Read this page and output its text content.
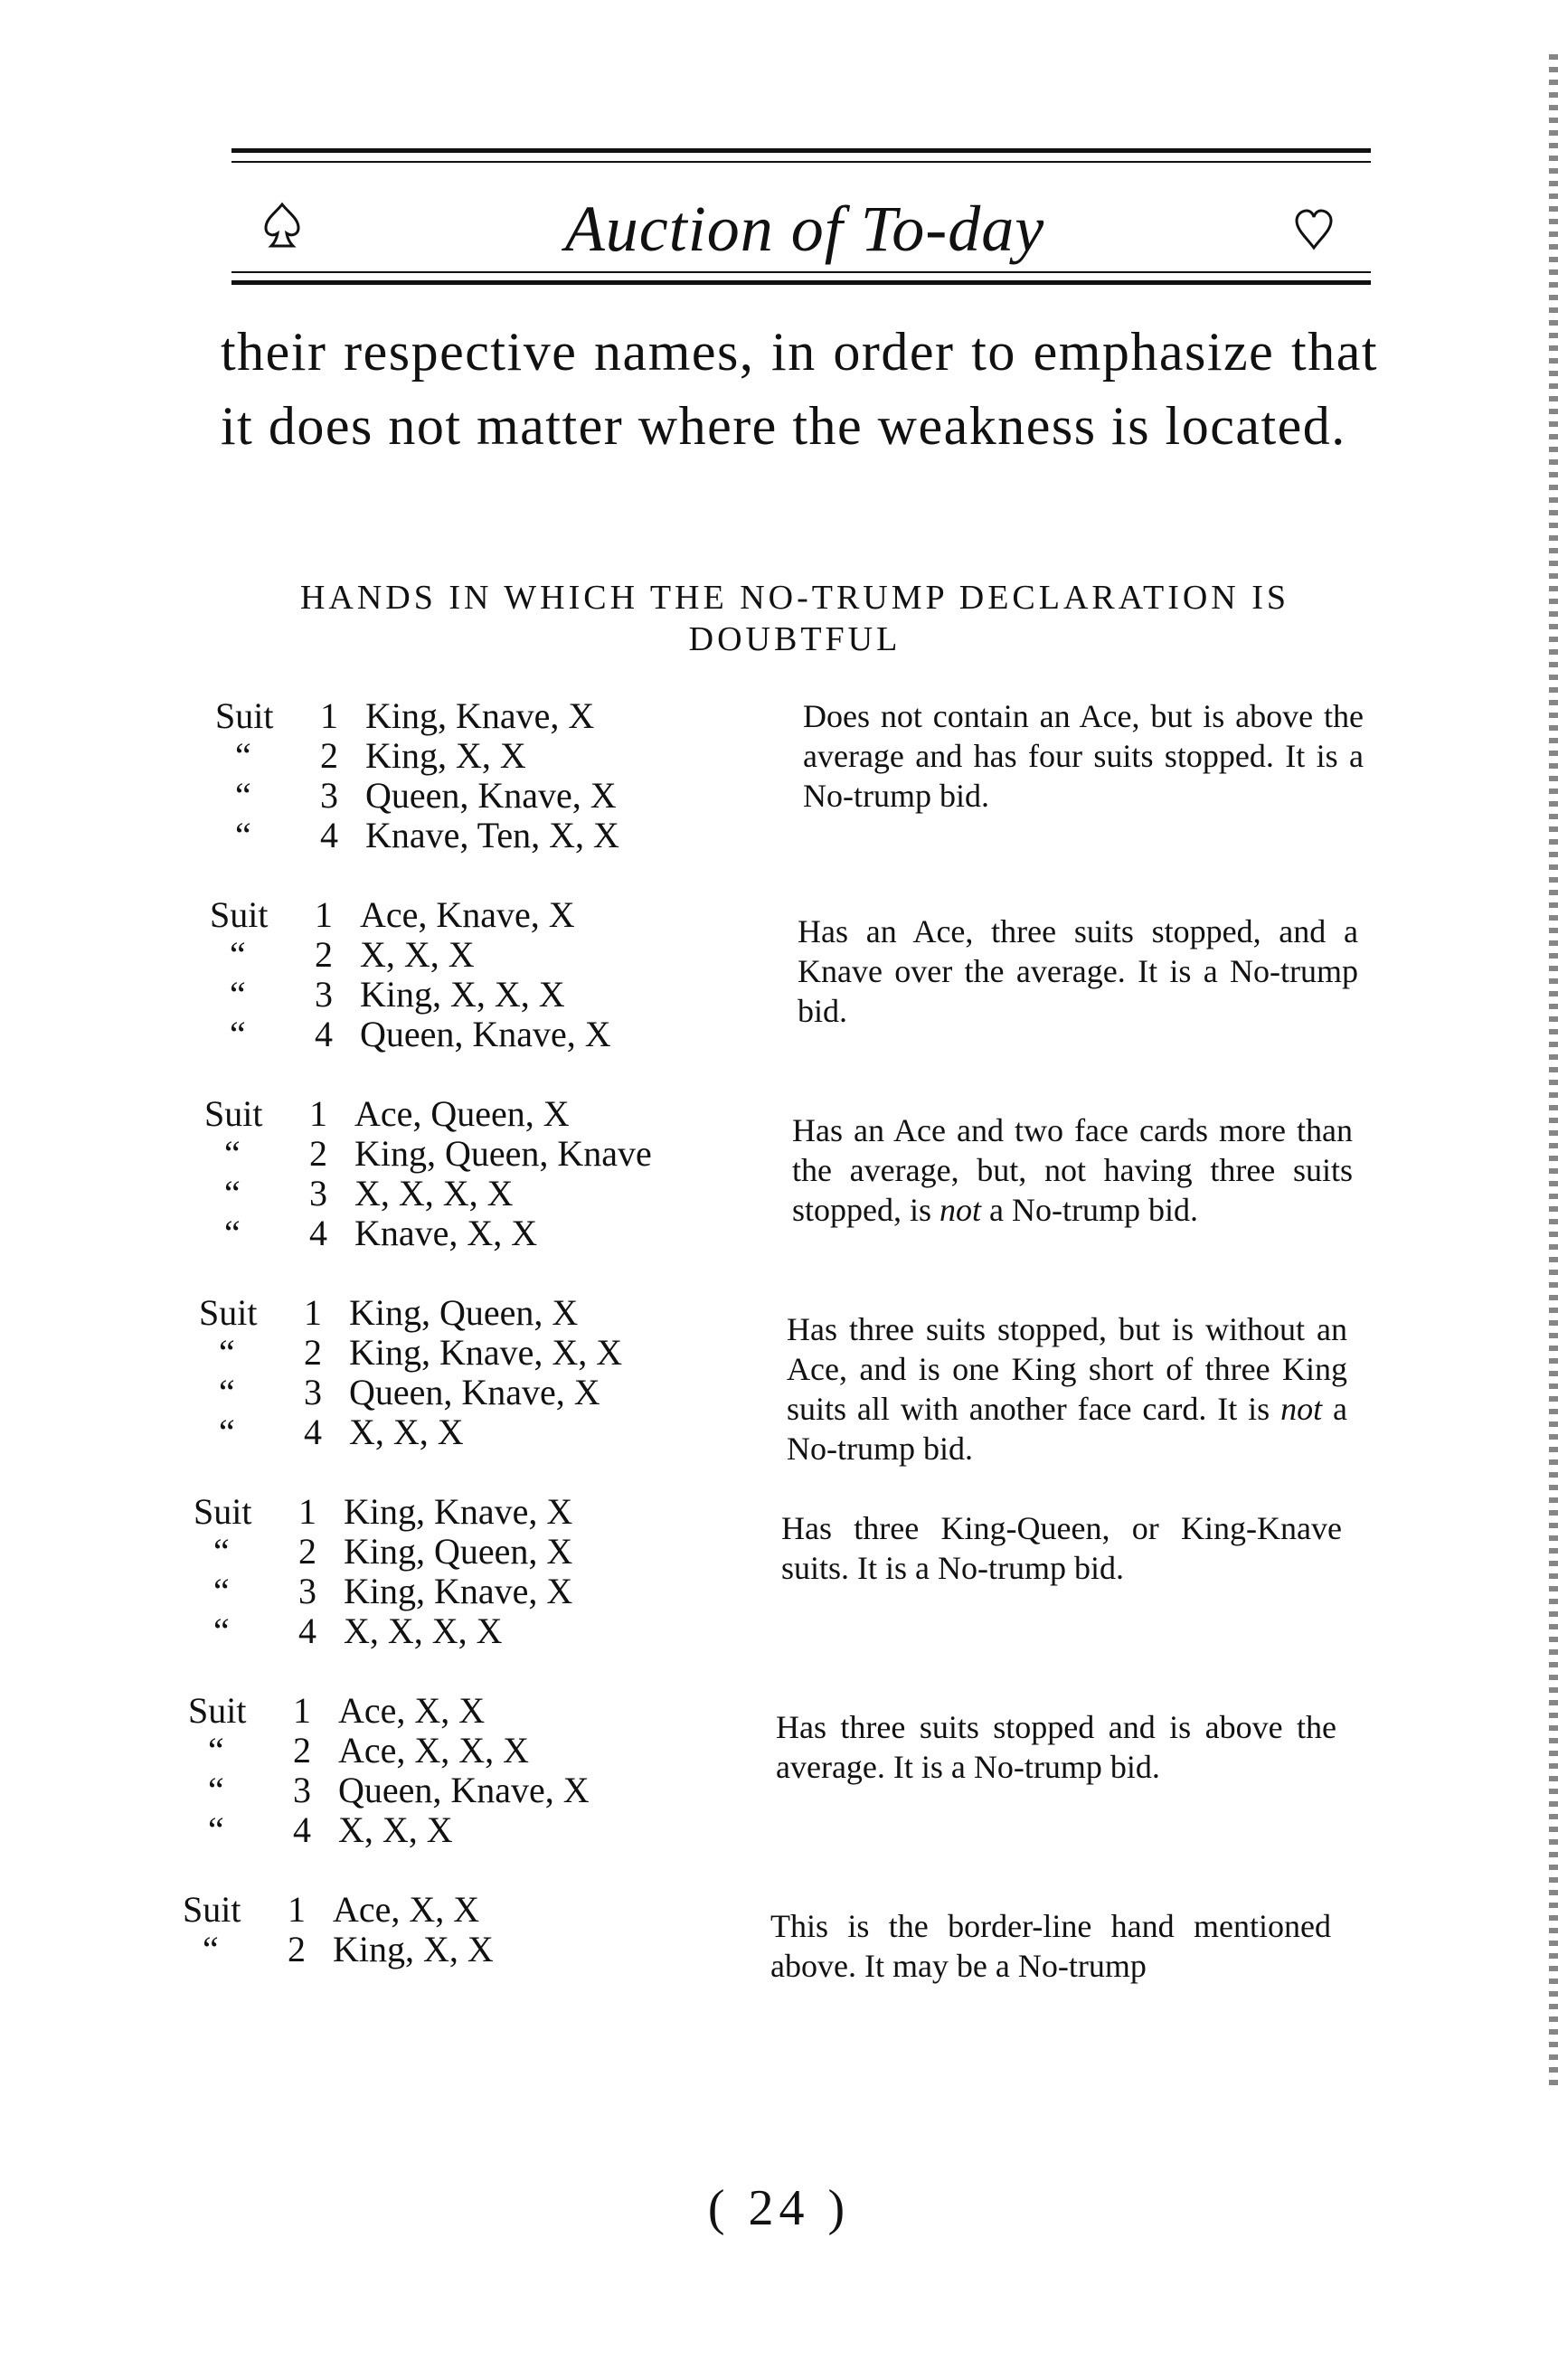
Auction of To-day

their respective names, in order to emphasize that it does not matter where the weakness is located.

HANDS IN WHICH THE NO-TRUMP DECLARATION IS
DOUBTFUL
Suit	1 King, Knave, X
“	2 King, X, X
“	3 Queen, Knave, X
“	4 Knave, Ten, X, X
Does not contain an Ace, but is above the average and has four suits stopped. It is a No-trump bid.
Suit	1 Ace, Knave, X
“	2 X, X, X
“	3 King, X, X, X
“	4 Queen, Knave, X
Has an Ace, three suits stopped, and a Knave over the average. It is a No-trump bid.
Suit	1 Ace, Queen, X
“	2 King, Queen, Knave
“	3 X, X, X, X
“	4 Knave, X, X
Has an Ace and two face cards more than the average, but, not having three suits stopped, is not a No-trump bid.
Suit	1 King, Queen, X
“	2 King, Knave, X, X
“	3 Queen, Knave, X
“	4 X, X, X
Has three suits stopped, but is without an Ace, and is one King short of three King suits all with another face card. It is not a No-trump bid.
Suit	1 King, Knave, X
“	2 King, Queen, X
“	3 King, Knave, X
“	4 X, X, X, X
Has three King-Queen, or King-Knave suits. It is a No-trump bid.
Suit	1 Ace, X, X
“	2 Ace, X, X, X
“	3 Queen, Knave, X
“	4 X, X, X
Has three suits stopped and is above the average. It is a No-trump bid.
Suit	1 Ace, X, X
“	2 King, X, X
This is the border-line hand mentioned above. It may be a No-trump
( 24 )
